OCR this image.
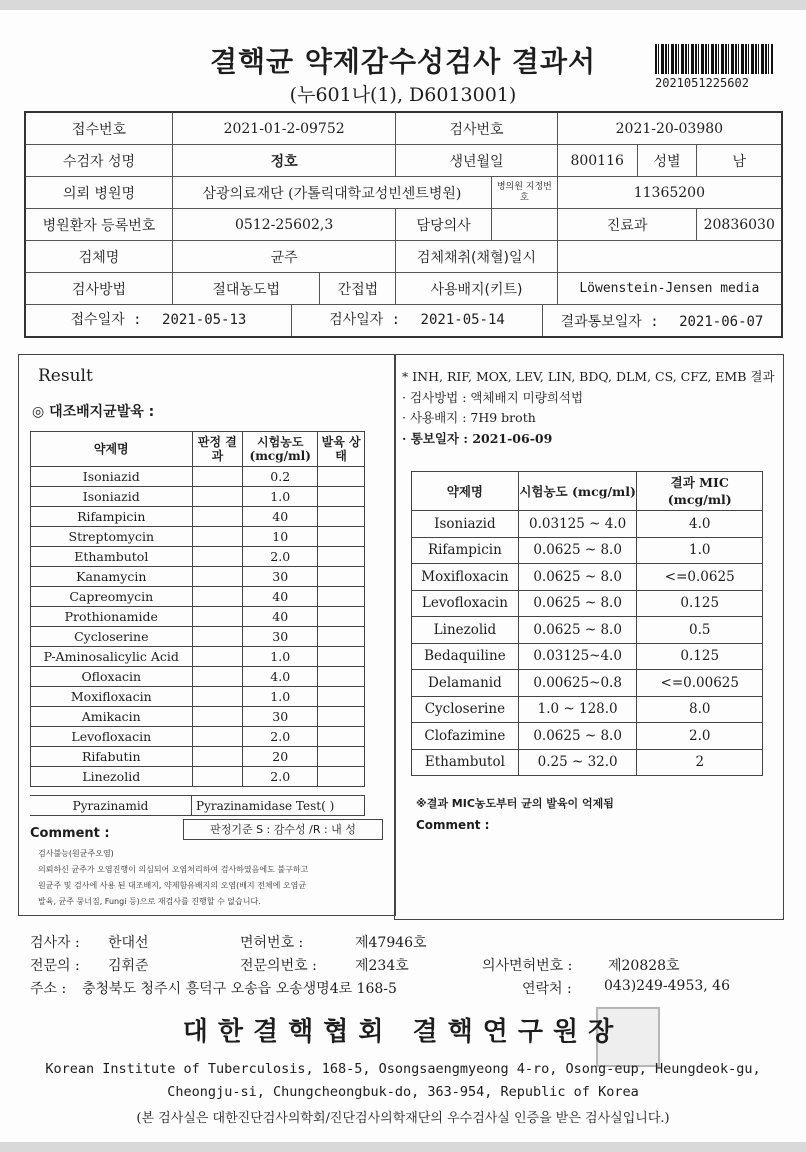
결핵균 약제감수성검사 결과서
(누601나(1), D6013001)
2021051225602
접수번호	2021-01-2-09752		검사번호		2021-20-03980		
수검자 성명	정호		생년월일		800116	성별	남
의뢰 병원명	삼광의료재단 (가톨릭대학교성빈센트병원)			병의원 지정번호	11365200		
병원환자 등록번호	0512-25602,3		담당의사		진료과		20836030
검체명	균주		검체채취(채혈)일시				
검사방법	절대농도법	간접법	사용배지(키트)		Löwenstein-Jensen media		

접수일자 : 2021-05-13 검사일자 : 2021-05-14 결과통보일자 : 2021-06-07							
Result
◎ 대조배지균발육 :
약제명	판정 결과	시험농도 (mcg/ml)	발육 상태
Isoniazid		0.2	
Isoniazid		1.0	
Rifampicin		40	
Streptomycin		10	
Ethambutol		2.0	
Kanamycin		30	
Capreomycin		40	
Prothionamide		40	
Cycloserine		30	
P-Aminosalicylic Acid		1.0	
Ofloxacin		4.0	
Moxifloxacin		1.0	
Amikacin		30	
Levofloxacin		2.0	
Rifabutin		20	
Linezolid		2.0	
Pyrazinamid	Pyrazinamidase Test( )
Comment :	판정기준 S : 감수성 /R : 내 성
검사불능(원균주오염)
의뢰하신 균주가 오염진행이 의심되어 오염처리하여 검사하였음에도 불구하고
원균주 및 검사에 사용 된 대조배지, 약제함유배지의 오염(배지 전체에 오염균
발육, 균주 뭉너짐, Fungi 등)으로 재검사를 진행할 수 없습니다.
* INH, RIF, MOX, LEV, LIN, BDQ, DLM, CS, CFZ, EMB 결과
· 검사방법 : 액체배지 미량희석법
· 사용배지 : 7H9 broth
· 통보일자 : 2021-06-09
약제명	시험농도 (mcg/ml)	결과 MIC (mcg/ml)
Isoniazid	0.03125 ~ 4.0	4.0
Rifampicin	0.0625 ~ 8.0	1.0
Moxifloxacin	0.0625 ~ 8.0	<=0.0625
Levofloxacin	0.0625 ~ 8.0	0.125
Linezolid	0.0625 ~ 8.0	0.5
Bedaquiline	0.03125~4.0	0.125
Delamanid	0.00625~0.8	<=0.00625
Cycloserine	1.0 ~ 128.0	8.0
Clofazimine	0.0625 ~ 8.0	2.0
Ethambutol	0.25 ~ 32.0	2
※결과 MIC농도부터 균의 발육이 억제됨
Comment :
검사자 : 한대선	면허번호 :	제47946호
전문의 : 김휘준	전문의번호 :	제234호	의사면허번호 :	제20828호
주소 : 충청북도 청주시 흥덕구 오송읍 오송생명4로 168-5	연락처 : 043)249-4953, 46
대한결핵협회 결핵연구원장
Korean Institute of Tuberculosis, 168-5, Osongsaengmyeong 4-ro, Osong-eup, Heungdeok-gu,
Cheongju-si, Chungcheongbuk-do, 363-954, Republic of Korea
(본 검사실은 대한진단검사의학회/진단검사의학재단의 우수검사실 인증을 받은 검사실입니다.)
